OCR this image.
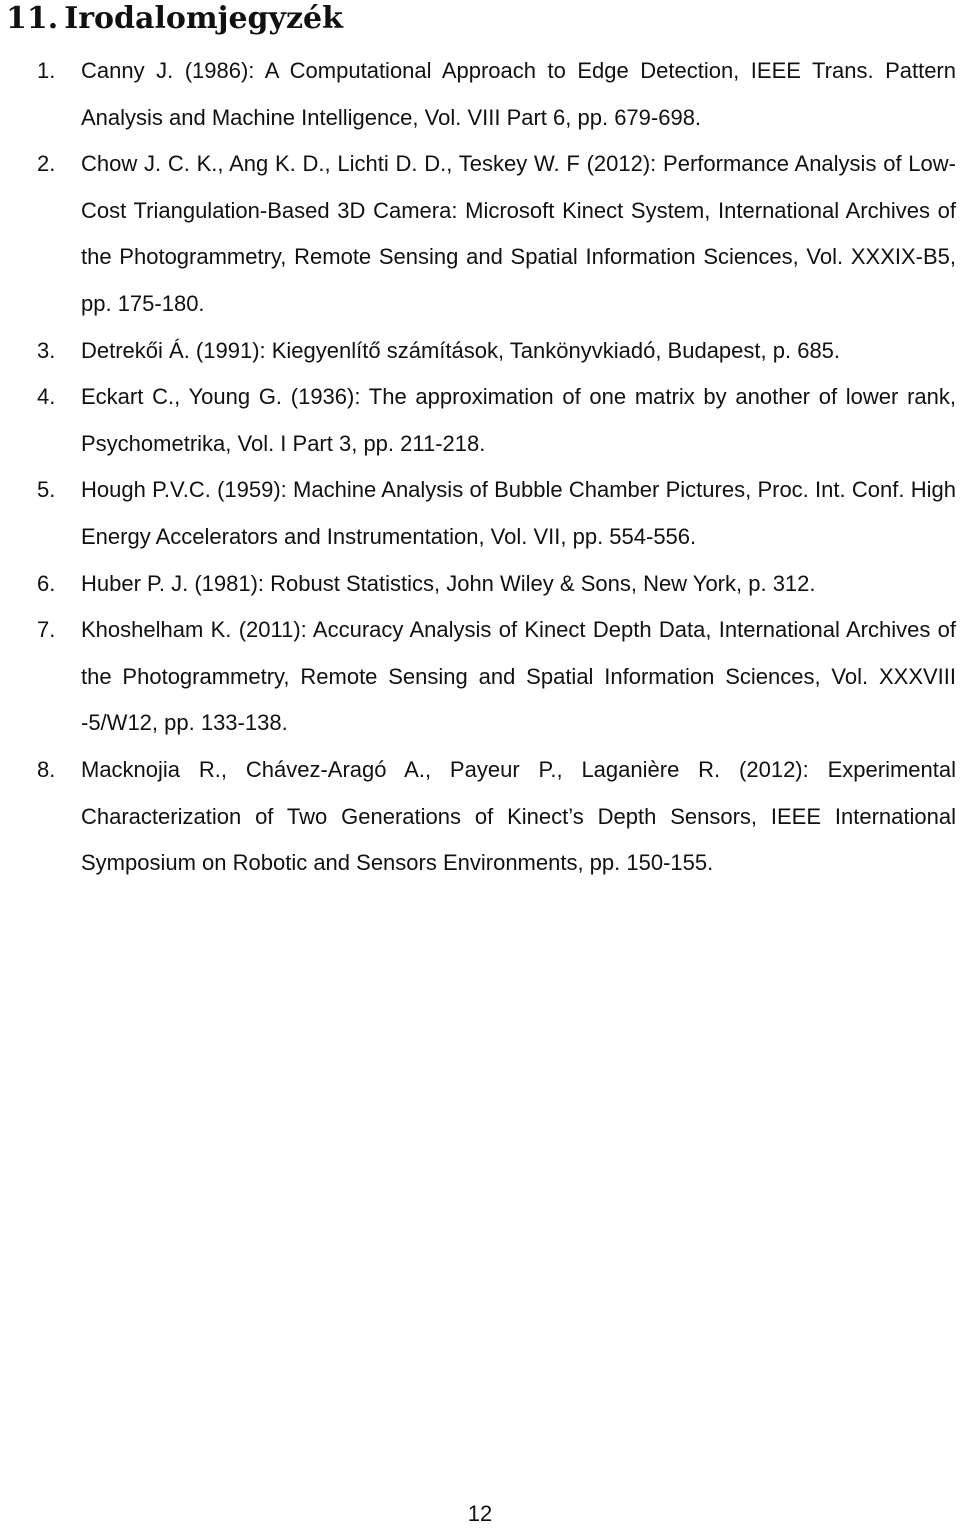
11. Irodalomjegyzék
1.	Canny J. (1986): A Computational Approach to Edge Detection, IEEE Trans. Pattern Analysis and Machine Intelligence, Vol. VIII Part 6, pp. 679-698.
2.	Chow J. C. K., Ang K. D., Lichti D. D., Teskey W. F (2012): Performance Analysis of Low-Cost Triangulation-Based 3D Camera: Microsoft Kinect System, International Archives of the Photogrammetry, Remote Sensing and Spatial Information Sciences, Vol. XXXIX-B5, pp. 175-180.
3.	Detrekői Á. (1991): Kiegyenlítő számítások, Tankönyvkiadó, Budapest, p. 685.
4.	Eckart C., Young G. (1936): The approximation of one matrix by another of lower rank, Psychometrika, Vol. I Part 3, pp. 211-218.
5.	Hough P.V.C. (1959): Machine Analysis of Bubble Chamber Pictures, Proc. Int. Conf. High Energy Accelerators and Instrumentation, Vol. VII, pp. 554-556.
6.	Huber P. J. (1981): Robust Statistics, John Wiley & Sons, New York, p. 312.
7.	Khoshelham K. (2011): Accuracy Analysis of Kinect Depth Data, International Archives of the Photogrammetry, Remote Sensing and Spatial Information Sciences, Vol. XXXVIII -5/W12, pp. 133-138.
8.	Macknojia R., Chávez-Aragó A., Payeur P., Laganière R. (2012): Experimental Characterization of Two Generations of Kinect’s Depth Sensors, IEEE International Symposium on Robotic and Sensors Environments, pp. 150-155.
12
